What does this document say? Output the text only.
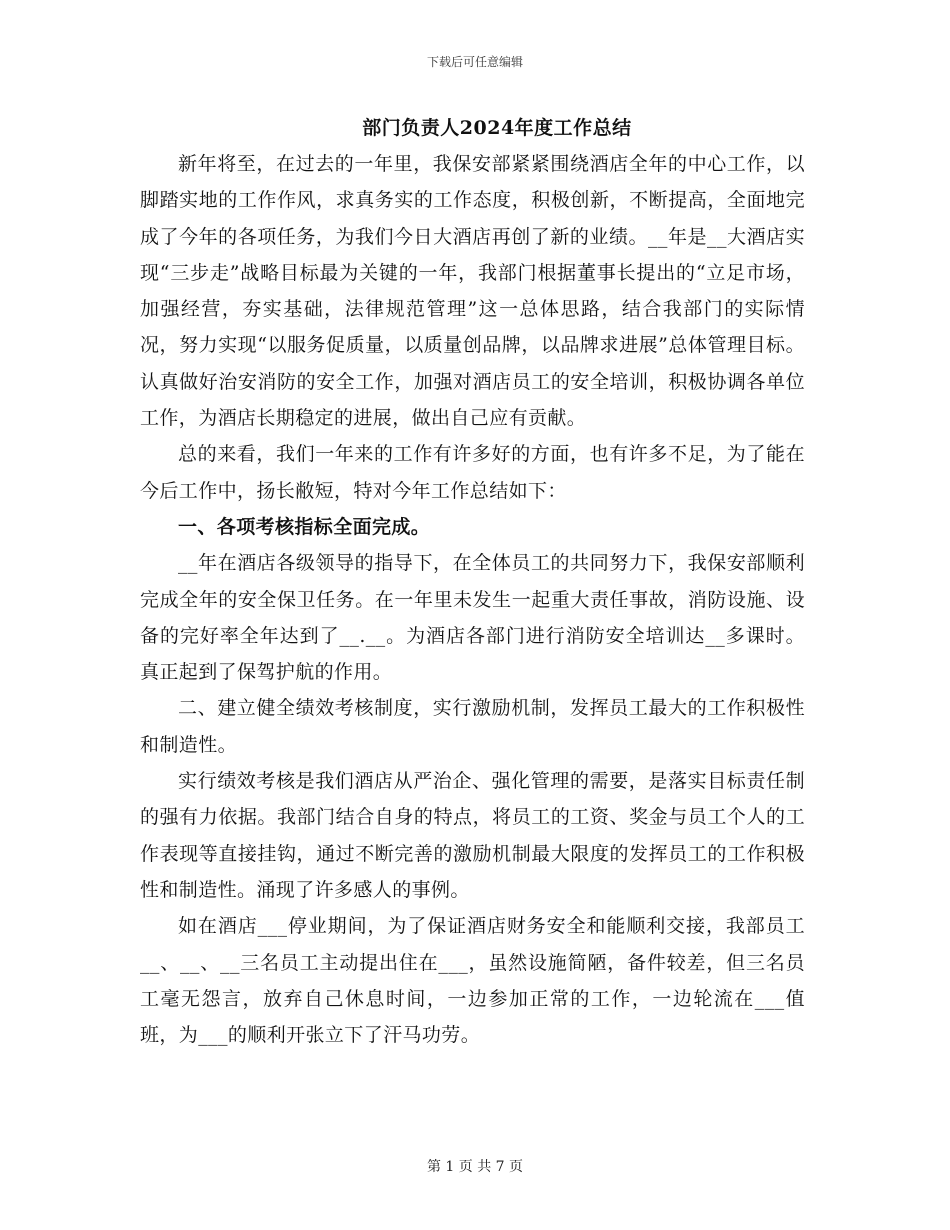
下载后可任意编辑
部门负责人2024年度工作总结

新年将至，在过去的一年里，我保安部紧紧围绕酒店全年的中心工作，以脚踏实地的工作作风，求真务实的工作态度，积极创新，不断提高，全面地完成了今年的各项任务，为我们今日大酒店再创了新的业绩。__年是__大酒店实现“三步走”战略目标最为关键的一年，我部门根据董事长提出的“立足市场，加强经营，夯实基础，法律规范管理”这一总体思路，结合我部门的实际情况，努力实现“以服务促质量，以质量创品牌，以品牌求进展”总体管理目标。认真做好治安消防的安全工作，加强对酒店员工的安全培训，积极协调各单位工作，为酒店长期稳定的进展，做出自己应有贡献。

总的来看，我们一年来的工作有许多好的方面，也有许多不足，为了能在今后工作中，扬长敝短，特对今年工作总结如下：

一、各项考核指标全面完成。

__年在酒店各级领导的指导下，在全体员工的共同努力下，我保安部顺利完成全年的安全保卫任务。在一年里未发生一起重大责任事故，消防设施、设备的完好率全年达到了__.__。为酒店各部门进行消防安全培训达__多课时。真正起到了保驾护航的作用。

二、建立健全绩效考核制度，实行激励机制，发挥员工最大的工作积极性和制造性。

实行绩效考核是我们酒店从严治企、强化管理的需要，是落实目标责任制的强有力依据。我部门结合自身的特点，将员工的工资、奖金与员工个人的工作表现等直接挂钩，通过不断完善的激励机制最大限度的发挥员工的工作积极性和制造性。涌现了许多感人的事例。

如在酒店___停业期间，为了保证酒店财务安全和能顺利交接，我部员工__、__、__三名员工主动提出住在___，虽然设施简陋，备件较差，但三名员工毫无怨言，放弃自己休息时间，一边参加正常的工作，一边轮流在___值班，为___的顺利开张立下了汗马功劳。

第 1 页 共 7 页
